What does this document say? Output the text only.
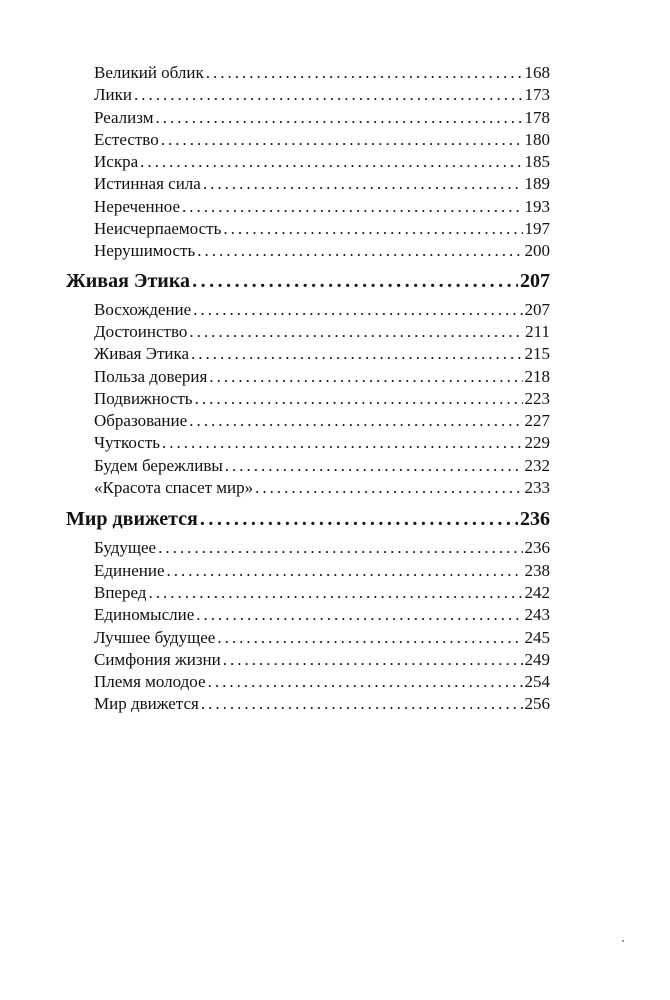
Великий облик .....	168
Лики .....	173
Реализм .....	178
Естество .....	180
Искра .....	185
Истинная сила .....	189
Нереченное .....	193
Неисчерпаемость .....	197
Нерушимость .....	200
Живая Этика .....	207
Восхождение .....	207
Достоинство .....	211
Живая Этика .....	215
Польза доверия .....	218
Подвижность .....	223
Образование .....	227
Чуткость .....	229
Будем бережливы .....	232
«Красота спасет мир» .....	233
Мир движется .....	236
Будущее .....	236
Единение .....	238
Вперед .....	242
Единомыслие .....	243
Лучшее будущее .....	245
Симфония жизни .....	249
Племя молодое .....	254
Мир движется .....	256
